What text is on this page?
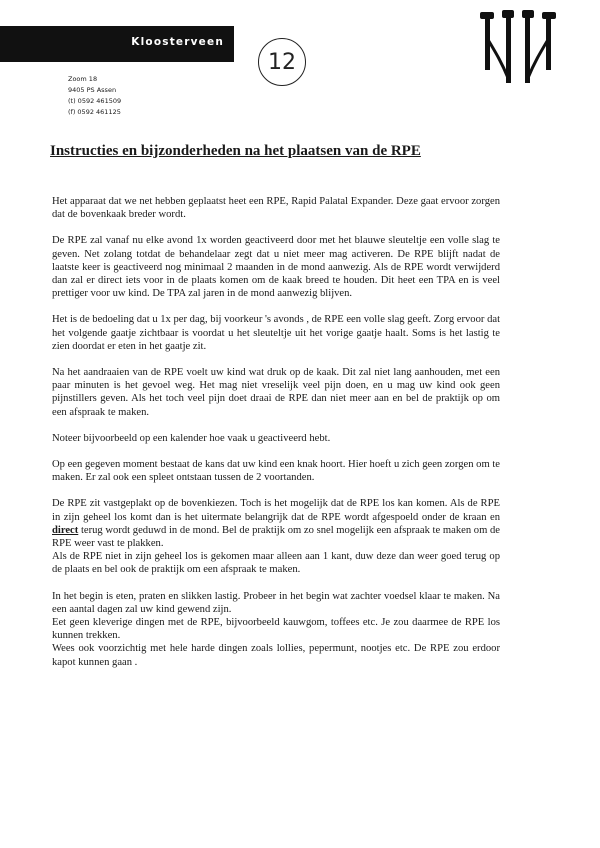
Kloosterveen
Zoom 18
9405 PS Assen
(t) 0592 461509
(f) 0592 461125
12
Instructies en bijzonderheden na het plaatsen van de RPE

Het apparaat dat we net hebben geplaatst heet een RPE, Rapid Palatal Expander. Deze gaat ervoor zorgen dat de bovenkaak breder wordt.

De RPE zal vanaf nu elke avond 1x worden geactiveerd door met het blauwe sleuteltje een volle slag te geven. Net zolang totdat de behandelaar zegt dat u niet meer mag activeren. De RPE blijft nadat de laatste keer is geactiveerd nog minimaal 2 maanden in de mond aanwezig. Als de RPE wordt verwijderd dan zal er direct iets voor in de plaats komen om de kaak breed te houden. Dit heet een TPA en is veel prettiger voor uw kind. De TPA zal jaren in de mond aanwezig blijven.

Het is de bedoeling dat u 1x per dag, bij voorkeur 's avonds , de RPE een volle slag geeft. Zorg ervoor dat het volgende gaatje zichtbaar is voordat u het sleuteltje uit het vorige gaatje haalt. Soms is het lastig te zien doordat er eten in het gaatje zit.

Na het aandraaien van de RPE voelt uw kind wat druk op de kaak. Dit zal niet lang aanhouden, met een paar minuten is het gevoel weg. Het mag niet vreselijk veel pijn doen, en u mag uw kind ook geen pijnstillers geven. Als het toch veel pijn doet draai de RPE dan niet meer aan en bel de praktijk op om een afspraak te maken.

Noteer bijvoorbeeld op een kalender hoe vaak u geactiveerd hebt.

Op een gegeven moment bestaat de kans dat uw kind een knak hoort. Hier hoeft u zich geen zorgen om te maken. Er zal ook een spleet ontstaan tussen de 2 voortanden.

De RPE zit vastgeplakt op de bovenkiezen. Toch is het mogelijk dat de RPE los kan komen. Als de RPE in zijn geheel los komt dan is het uitermate belangrijk dat de RPE wordt afgespoeld onder de kraan en direct terug wordt geduwd in de mond. Bel de praktijk om zo snel mogelijk een afspraak te maken om de RPE weer vast te plakken.

Als de RPE niet in zijn geheel los is gekomen maar alleen aan 1 kant, duw deze dan weer goed terug op de plaats en bel ook de praktijk om een afspraak te maken.

In het begin is eten, praten en slikken lastig. Probeer in het begin wat zachter voedsel klaar te maken. Na een aantal dagen zal uw kind gewend zijn.

Eet geen kleverige dingen met de RPE, bijvoorbeeld kauwgom, toffees etc. Je zou daarmee de RPE los kunnen trekken.

Wees ook voorzichtig met hele harde dingen zoals lollies, pepermunt, nootjes etc. De RPE zou erdoor kapot kunnen gaan .
